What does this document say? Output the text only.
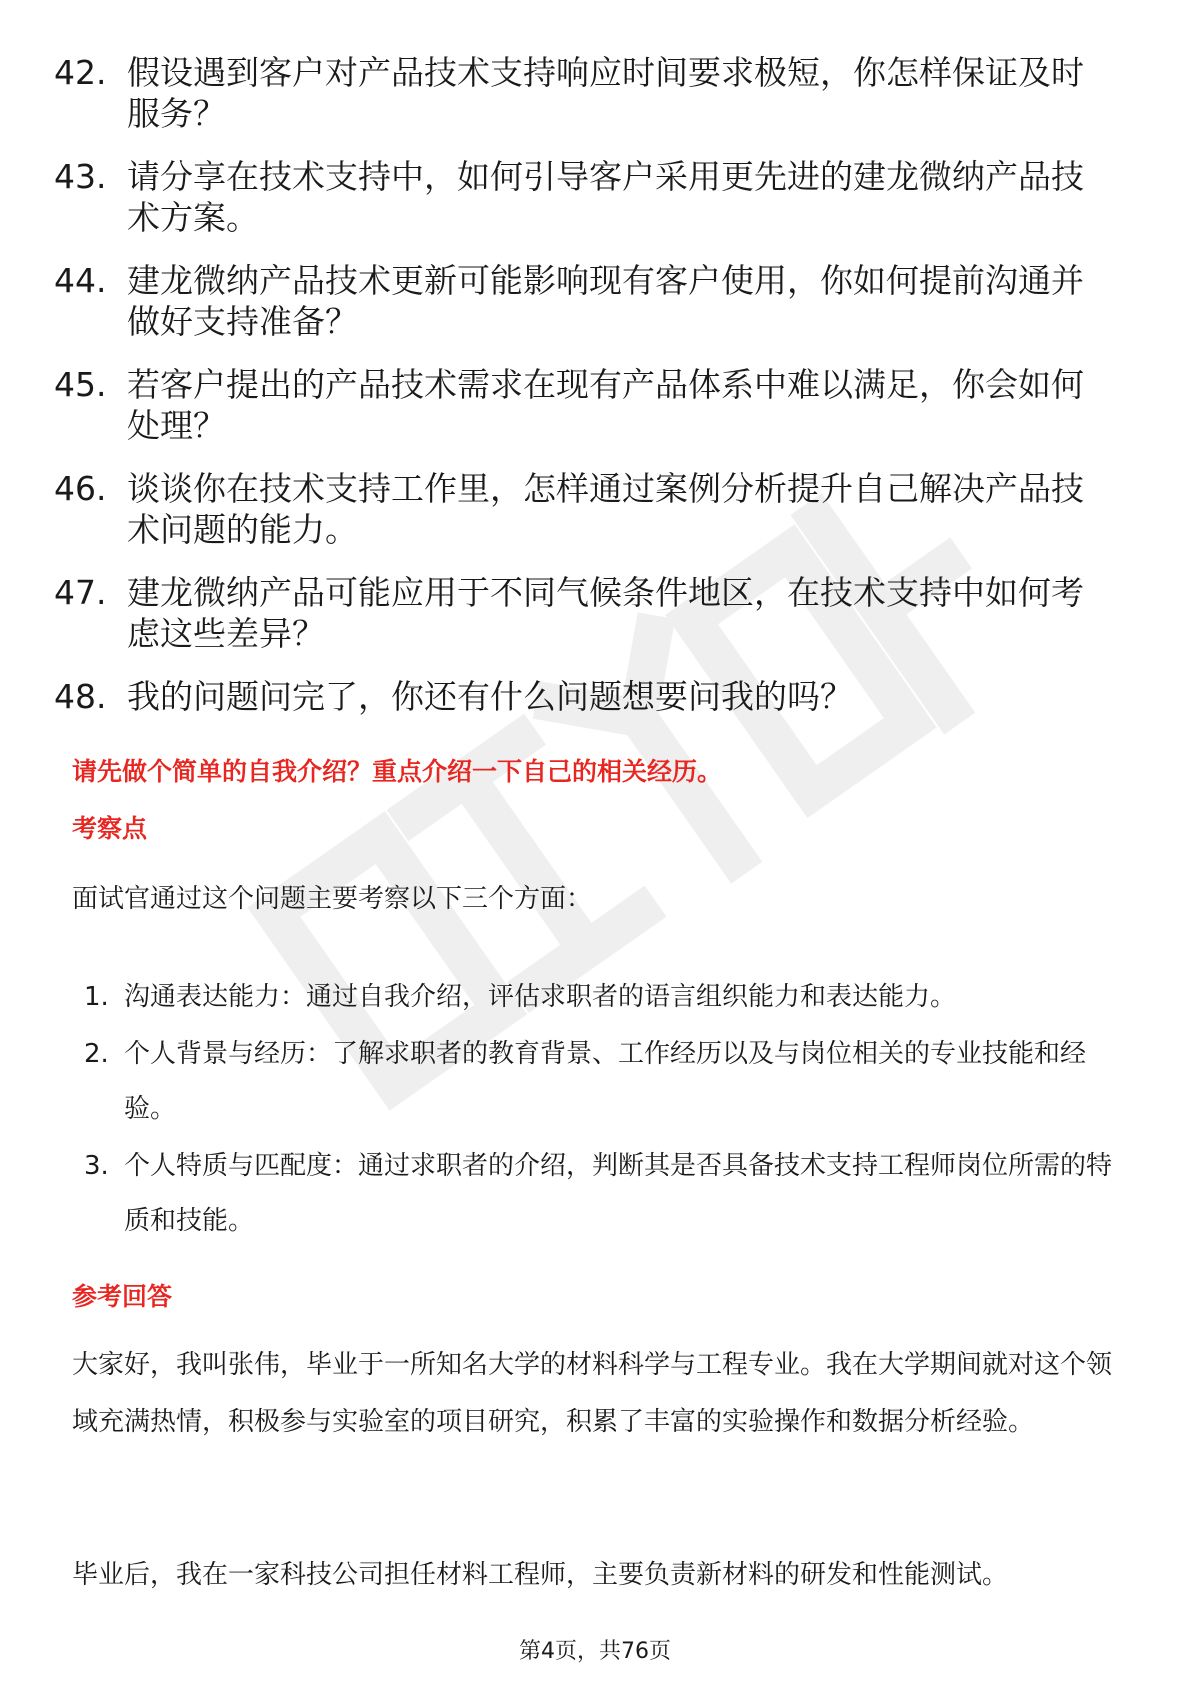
42. 假设遇到客户对产品技术支持响应时间要求极短，你怎样保证及时服务？
43. 请分享在技术支持中，如何引导客户采用更先进的建龙微纳产品技术方案。
44. 建龙微纳产品技术更新可能影响现有客户使用，你如何提前沟通并做好支持准备？
45. 若客户提出的产品技术需求在现有产品体系中难以满足，你会如何处理？
46. 谈谈你在技术支持工作里，怎样通过案例分析提升自己解决产品技术问题的能力。
47. 建龙微纳产品可能应用于不同气候条件地区，在技术支持中如何考虑这些差异？
48. 我的问题问完了，你还有什么问题想要问我的吗？
请先做个简单的自我介绍？重点介绍一下自己的相关经历。
考察点
面试官通过这个问题主要考察以下三个方面：
1. 沟通表达能力：通过自我介绍，评估求职者的语言组织能力和表达能力。
2. 个人背景与经历：了解求职者的教育背景、工作经历以及与岗位相关的专业技能和经验。
3. 个人特质与匹配度：通过求职者的介绍，判断其是否具备技术支持工程师岗位所需的特质和技能。
参考回答
大家好，我叫张伟，毕业于一所知名大学的材料科学与工程专业。我在大学期间就对这个领域充满热情，积极参与实验室的项目研究，积累了丰富的实验操作和数据分析经验。
毕业后，我在一家科技公司担任材料工程师，主要负责新材料的研发和性能测试。
第4页，共76页
